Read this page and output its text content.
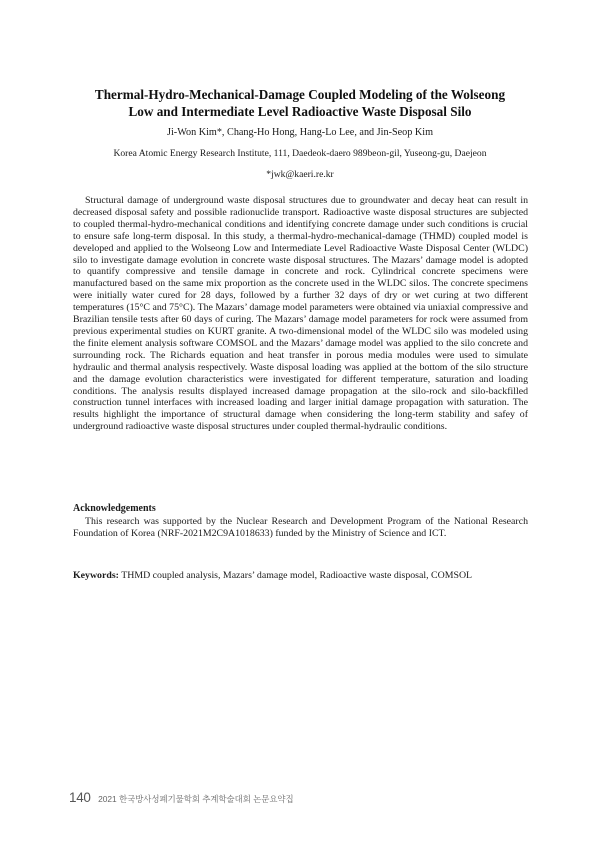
Thermal-Hydro-Mechanical-Damage Coupled Modeling of the Wolseong
Low and Intermediate Level Radioactive Waste Disposal Silo
Ji-Won Kim*, Chang-Ho Hong, Hang-Lo Lee, and Jin-Seop Kim
Korea Atomic Energy Research Institute, 111, Daedeok-daero 989beon-gil, Yuseong-gu, Daejeon
*jwk@kaeri.re.kr

Structural damage of underground waste disposal structures due to groundwater and decay heat can result in decreased disposal safety and possible radionuclide transport. Radioactive waste disposal structures are subjected to coupled thermal-hydro-mechanical conditions and identifying concrete damage under such conditions is crucial to ensure safe long-term disposal. In this study, a thermal-hydro-mechanical-damage (THMD) coupled model is developed and applied to the Wolseong Low and Intermediate Level Radioactive Waste Disposal Center (WLDC) silo to investigate damage evolution in concrete waste disposal structures. The Mazars’ damage model is adopted to quantify compressive and tensile damage in concrete and rock. Cylindrical concrete specimens were manufactured based on the same mix proportion as the concrete used in the WLDC silos. The concrete specimens were initially water cured for 28 days, followed by a further 32 days of dry or wet curing at two different temperatures (15°C and 75°C). The Mazars’ damage model parameters were obtained via uniaxial compressive and Brazilian tensile tests after 60 days of curing. The Mazars’ damage model parameters for rock were assumed from previous experimental studies on KURT granite. A two-dimensional model of the WLDC silo was modeled using the finite element analysis software COMSOL and the Mazars’ damage model was applied to the silo concrete and surrounding rock. The Richards equation and heat transfer in porous media modules were used to simulate hydraulic and thermal analysis respectively. Waste disposal loading was applied at the bottom of the silo structure and the damage evolution characteristics were investigated for different temperature, saturation and loading conditions. The analysis results displayed increased damage propagation at the silo-rock and silo-backfilled construction tunnel interfaces with increased loading and larger initial damage propagation with saturation. The results highlight the importance of structural damage when considering the long-term stability and safey of underground radioactive waste disposal structures under coupled thermal-hydraulic conditions.

Acknowledgements

This research was supported by the Nuclear Research and Development Program of the National Research Foundation of Korea (NRF-2021M2C9A1018633) funded by the Ministry of Science and ICT.

Keywords: THMD coupled analysis, Mazars’ damage model, Radioactive waste disposal, COMSOL
140 2021 한국방사성폐기물학회 추계학술대회 논문요약집
